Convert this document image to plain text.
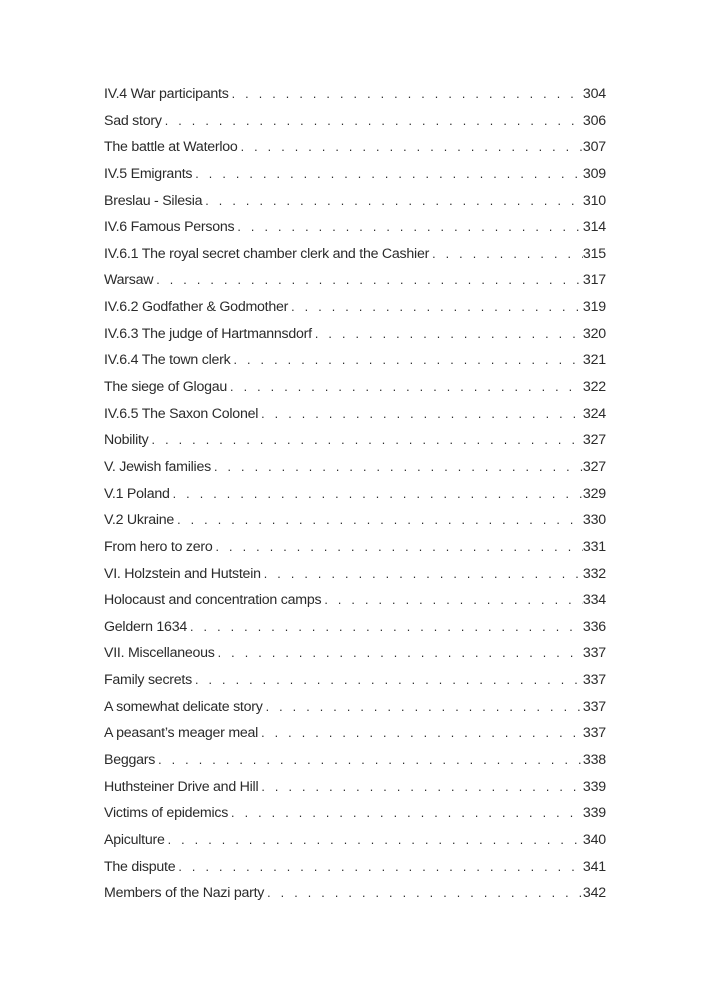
IV.4 War participants . . .	304
Sad story . . .	306
The battle at Waterloo . . .	307
IV.5 Emigrants . . .	309
Breslau - Silesia . . .	310
IV.6 Famous Persons . . .	314
IV.6.1 The royal secret chamber clerk and the Cashier . . .	315
Warsaw . . .	317
IV.6.2 Godfather & Godmother . . .	319
IV.6.3 The judge of Hartmannsdorf . . .	320
IV.6.4 The town clerk . . .	321
The siege of Glogau . . .	322
IV.6.5 The Saxon Colonel . . .	324
Nobility . . .	327
V. Jewish families . . .	327
V.1 Poland . . .	329
V.2 Ukraine . . .	330
From hero to zero . . .	331
VI. Holzstein and Hutstein . . .	332
Holocaust and concentration camps . . .	334
Geldern 1634 . . .	336
VII. Miscellaneous . . .	337
Family secrets . . .	337
A somewhat delicate story . . .	337
A peasant’s meager meal . . .	337
Beggars . . .	338
Huthsteiner Drive and Hill . . .	339
Victims of epidemics . . .	339
Apiculture . . .	340
The dispute . . .	341
Members of the Nazi party . . .	342
